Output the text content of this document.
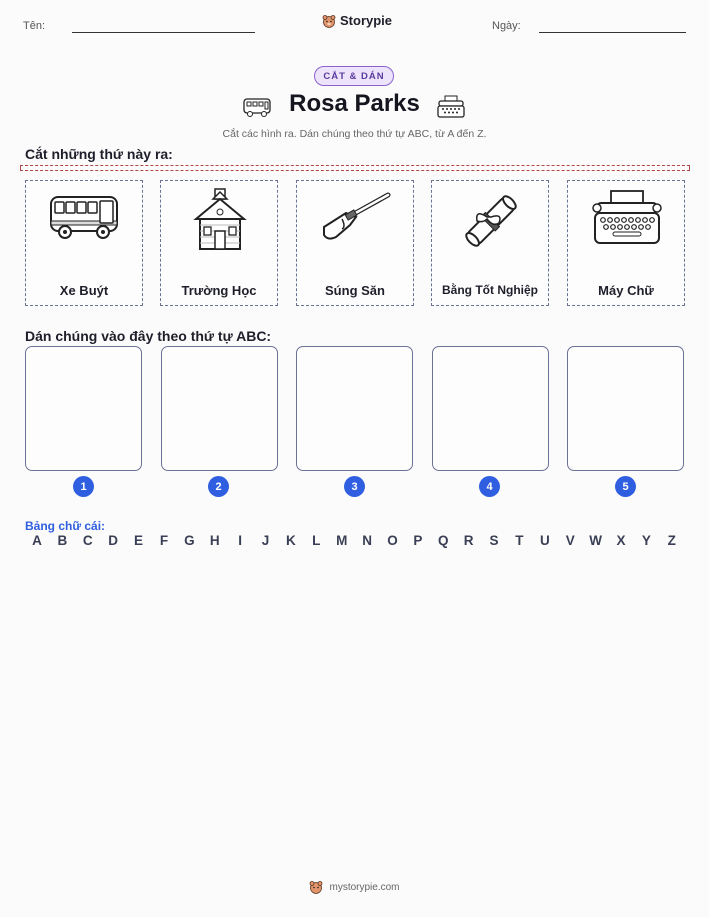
Tên:	Storypie	Ngày:
CẮT & DÁN
Rosa Parks
Cắt các hình ra. Dán chúng theo thứ tự ABC, từ A đến Z.
Cắt những thứ này ra:
Xe Buýt	Trường Học	Súng Săn	Bằng Tốt Nghiệp	Máy Chữ
Dán chúng vào đây theo thứ tự ABC:
1	2	3	4	5
Bảng chữ cái:
A	B	C	D	E	F	G	H	I	J	K	L	M	N	O	P	Q	R	S	T	U	V	W	X	Y	Z
mystorypie.com
